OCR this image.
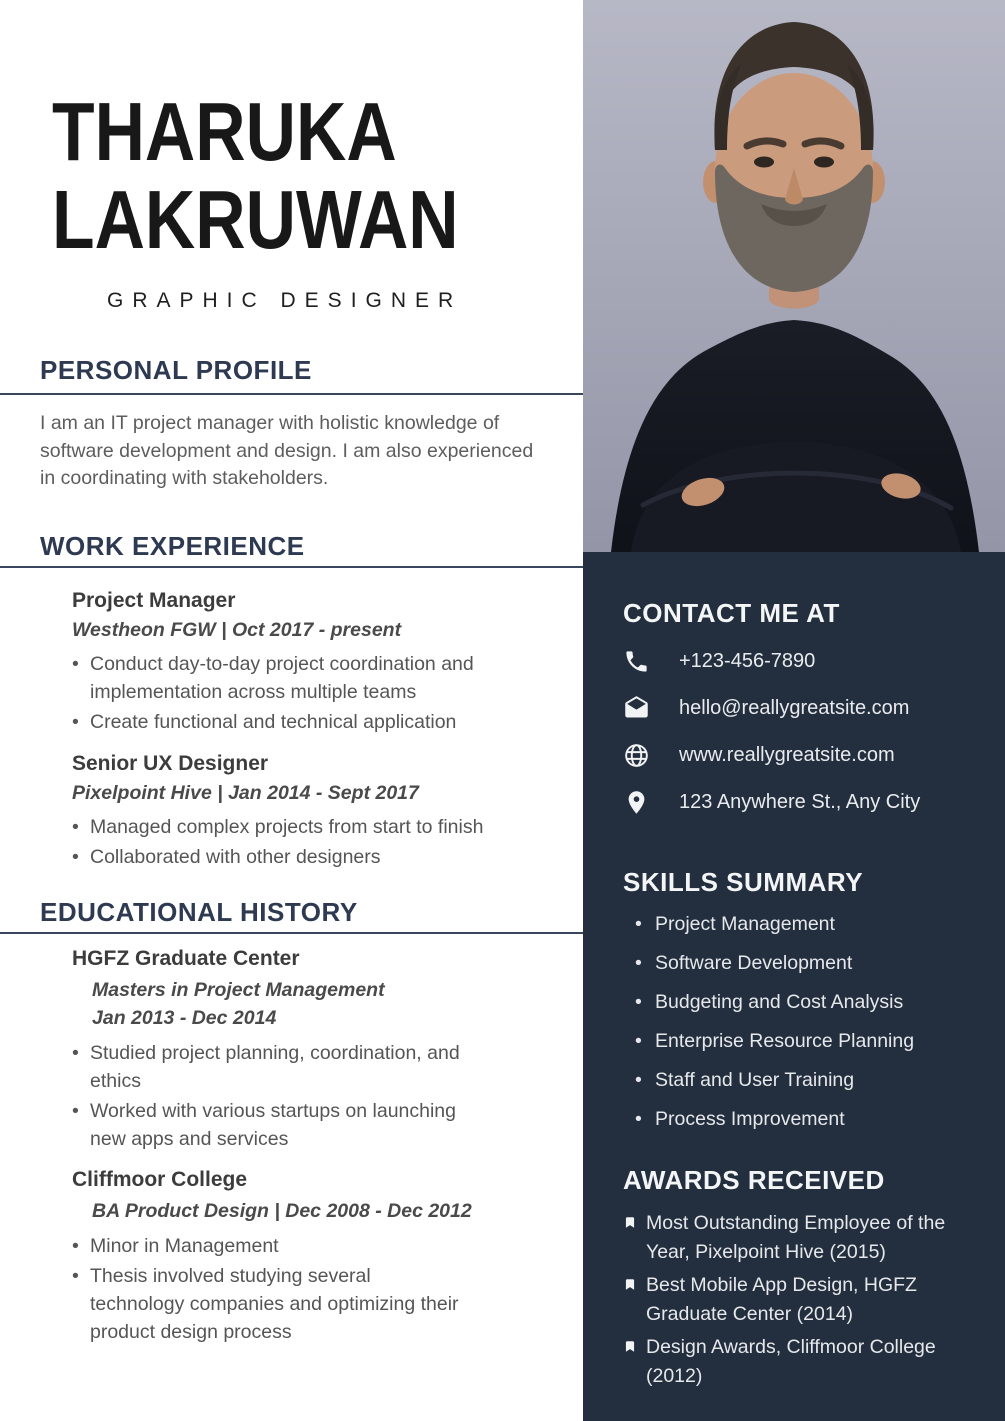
THARUKA
LAKRUWAN
GRAPHIC DESIGNER
PERSONAL PROFILE
I am an IT project manager with holistic knowledge of software development and design. I am also experienced in coordinating with stakeholders.
WORK EXPERIENCE
Project Manager
Westheon FGW | Oct 2017 - present
• Conduct day-to-day project coordination and implementation across multiple teams
• Create functional and technical application
Senior UX Designer
Pixelpoint Hive | Jan 2014 - Sept 2017
• Managed complex projects from start to finish
• Collaborated with other designers
EDUCATIONAL HISTORY
HGFZ Graduate Center
Masters in Project Management
Jan 2013 - Dec 2014
• Studied project planning, coordination, and ethics
• Worked with various startups on launching new apps and services
Cliffmoor College
BA Product Design | Dec 2008 - Dec 2012
• Minor in Management
• Thesis involved studying several technology companies and optimizing their product design process
CONTACT ME AT
+123-456-7890
hello@reallygreatsite.com
www.reallygreatsite.com
123 Anywhere St., Any City
SKILLS SUMMARY
• Project Management
• Software Development
• Budgeting and Cost Analysis
• Enterprise Resource Planning
• Staff and User Training
• Process Improvement
AWARDS RECEIVED
Most Outstanding Employee of the Year, Pixelpoint Hive (2015)
Best Mobile App Design, HGFZ Graduate Center (2014)
Design Awards, Cliffmoor College (2012)
